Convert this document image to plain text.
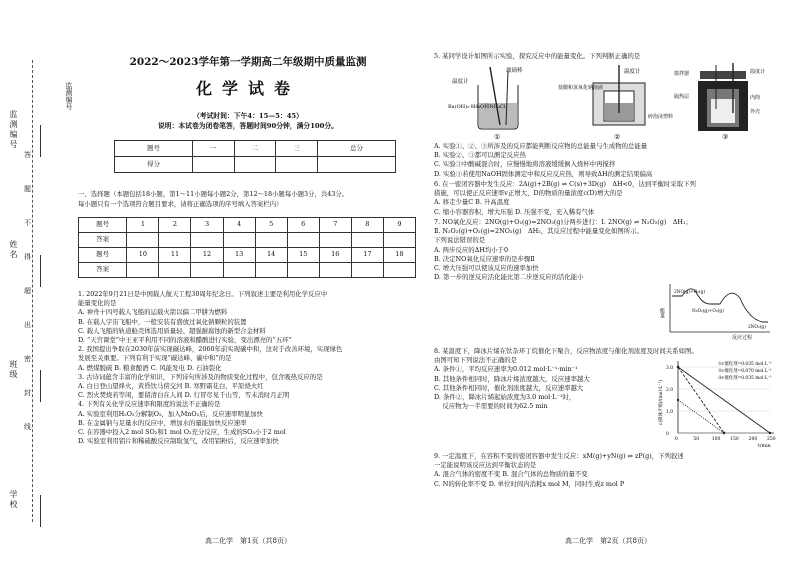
监测编号
姓名
班级
学校
答
题
不
得
超
出
密
封
线
监测编号
2022～2023学年第一学期高二年级期中质量监测
化学试卷
（考试时间：下午4：15—5：45）
说明：本试卷为闭卷笔答，答题时间90分钟，满分100分。
题号	一	二	三	总分
得分				
一、选择题（本题包括18小题，第1～11小题每小题2分，第12～18小题每小题3分，共43分。
每小题只有一个选项符合题目要求，请将正确选项的序号填入答案栏内）
题号	1	2	3	4	5	6	7	8	9
答案									
题号	10	11	12	13	14	15	16	17	18
答案									
1. 2022年9月21日是中国载人航天工程30周年纪念日。下列叙述主要是利用化学反应中
能量变化的是
A. 神舟十四号载人飞船的运载火箭以偏二甲肼为燃料
B. 在载人宇宙飞船中，一般安装有盛放过氧化钠颗粒的装置
C. 载人飞船的轨道舱壳体选用质量轻、超强耐腐蚀的新型合金材料
D. “天宫课堂”中王亚平利用不同的溶液和醋酸进行实验，变出漂亮的“五环”
2. 我国提出争取在2030年前实现碳达峰，2060年前实现碳中和，这对于改善环境，实现绿色
发展至关重要。下列有利于实现“碳达峰、碳中和”的是
A. 燃煤脱硫 B. 粮食酿酒 C. 风能发电 D. 石油裂化
3. 古诗词蕴含丰富的化学知识，下列诗句所涉及的物质变化过程中，包含吸热反应的是
A. 白日登山望烽火，黄昏饮马傍交河 B. 寒野霜花白，平原烧火红
C. 烈火焚烧若等闲，要留清白在人间 D. 行冒尽见千山雪，雪未消时月正明
4. 下列有关化学反应速率和限度的说法不正确的是
A. 实验室利用H₂O₂分解制O₂，加入MnO₂后，反应速率明显加快
B. 在金属钠与足量水的反应中，增加水的量能加快反应速率
C. 在容器中投入2 mol SO₂和1 mol O₂充分反应，生成的SO₃小于2 mol
D. 实验室利用铝片和稀硫酸反应制取氢气，改用铝粉后，反应速率加快
高二化学　第1页（共8页）
5. 某同学设计如图所示实验，探究反应中的能量变化。下列判断正确的是
温度计
玻璃棒
Ba(OH)₂·8H₂O和NH₄Cl
①
温度计
盐酸和氢氧化钠溶液
碎泡沫塑料
②
搅拌器	温度计
隔热层	内筒
外壳
③
A. 实验①、②、③所涉及的反应都能判断反应物的总能量与生成物的总能量
B. 实验②、③都可以测定反应热
C. 实验③中酸碱混合时，应慢慢地将溶液缓缓倒入烧杯中再搅拌
D. 实验③若使用NaOH固体测定中和反应反应热，则导致ΔH的测定结果偏高
6. 在一密闭容器中发生反应：2A(g)+2B(g) ⇌ C(s)+3D(g)　ΔH<0，达到平衡时采取下列
措施，可以使正反应速率v正增大、D的物质的量浓度c(D)增大的是
A. 移走少量C B. 升高温度
C. 缩小容器容积，增大压强 D. 压强不变，充入稀有气体
7. NO氧化反应：2NO(g)+O₂(g)=2NO₂(g)分两步进行：Ⅰ. 2NO(g) ⇌ N₂O₂(g)　ΔH₁；
Ⅱ. N₂O₂(g)+O₂(g)=2NO₂(g)　ΔH₂，其反应过程中能量变化如图所示。
下列说法错误的是
A. 两步反应的ΔH均小于0
B. 决定NO氧化反应速率的是步骤Ⅱ
C. 增大压强可以使该反应的速率加快
D. 第一步的逆反应活化能比第二步逆反应的活化能小
能量
2NO(g)+O₂(g)
N₂O₂(g)+O₂(g)
2NO₂(g)
反应过程
8. 某温度下，降冰片烯在钛杂环丁烷催化下聚合，反应物浓度与催化剂浓度及时间关系如图。
由图可知下列说法不正确的是
A. 条件①，平均反应速率为0.012 mol·L⁻¹·min⁻¹
B. 其他条件相同时，降冰片烯浓度越大，反应速率越大
C. 其他条件相同时，催化剂浓度越大，反应速率越大
D. 条件②，降冰片烯起始浓度为3.0 mol·L⁻¹时，
　 反应物为一半需要的时间为62.5 min
3.0
2.0
1.0
0
0	50	100 150 200 250
①c催化剂=0.035 mol·L⁻¹
②c催化剂=0.070 mol·L⁻¹
③c催化剂=0.035 mol·L⁻¹
t/min
c(降冰片烯)/(mol·L⁻¹)
9. 一定温度下，在容积不变的密闭容器中发生反应：xM(g)+yN(g) ⇌ zP(g)，下列叙述
一定能说明该反应达到平衡状态的是
A. 混合气体的密度不变 B. 混合气体的总物质的量不变
C. N的转化率不变 D. 单位时间内消耗x mol M，同时生成z mol P
高二化学　第2页（共8页）
